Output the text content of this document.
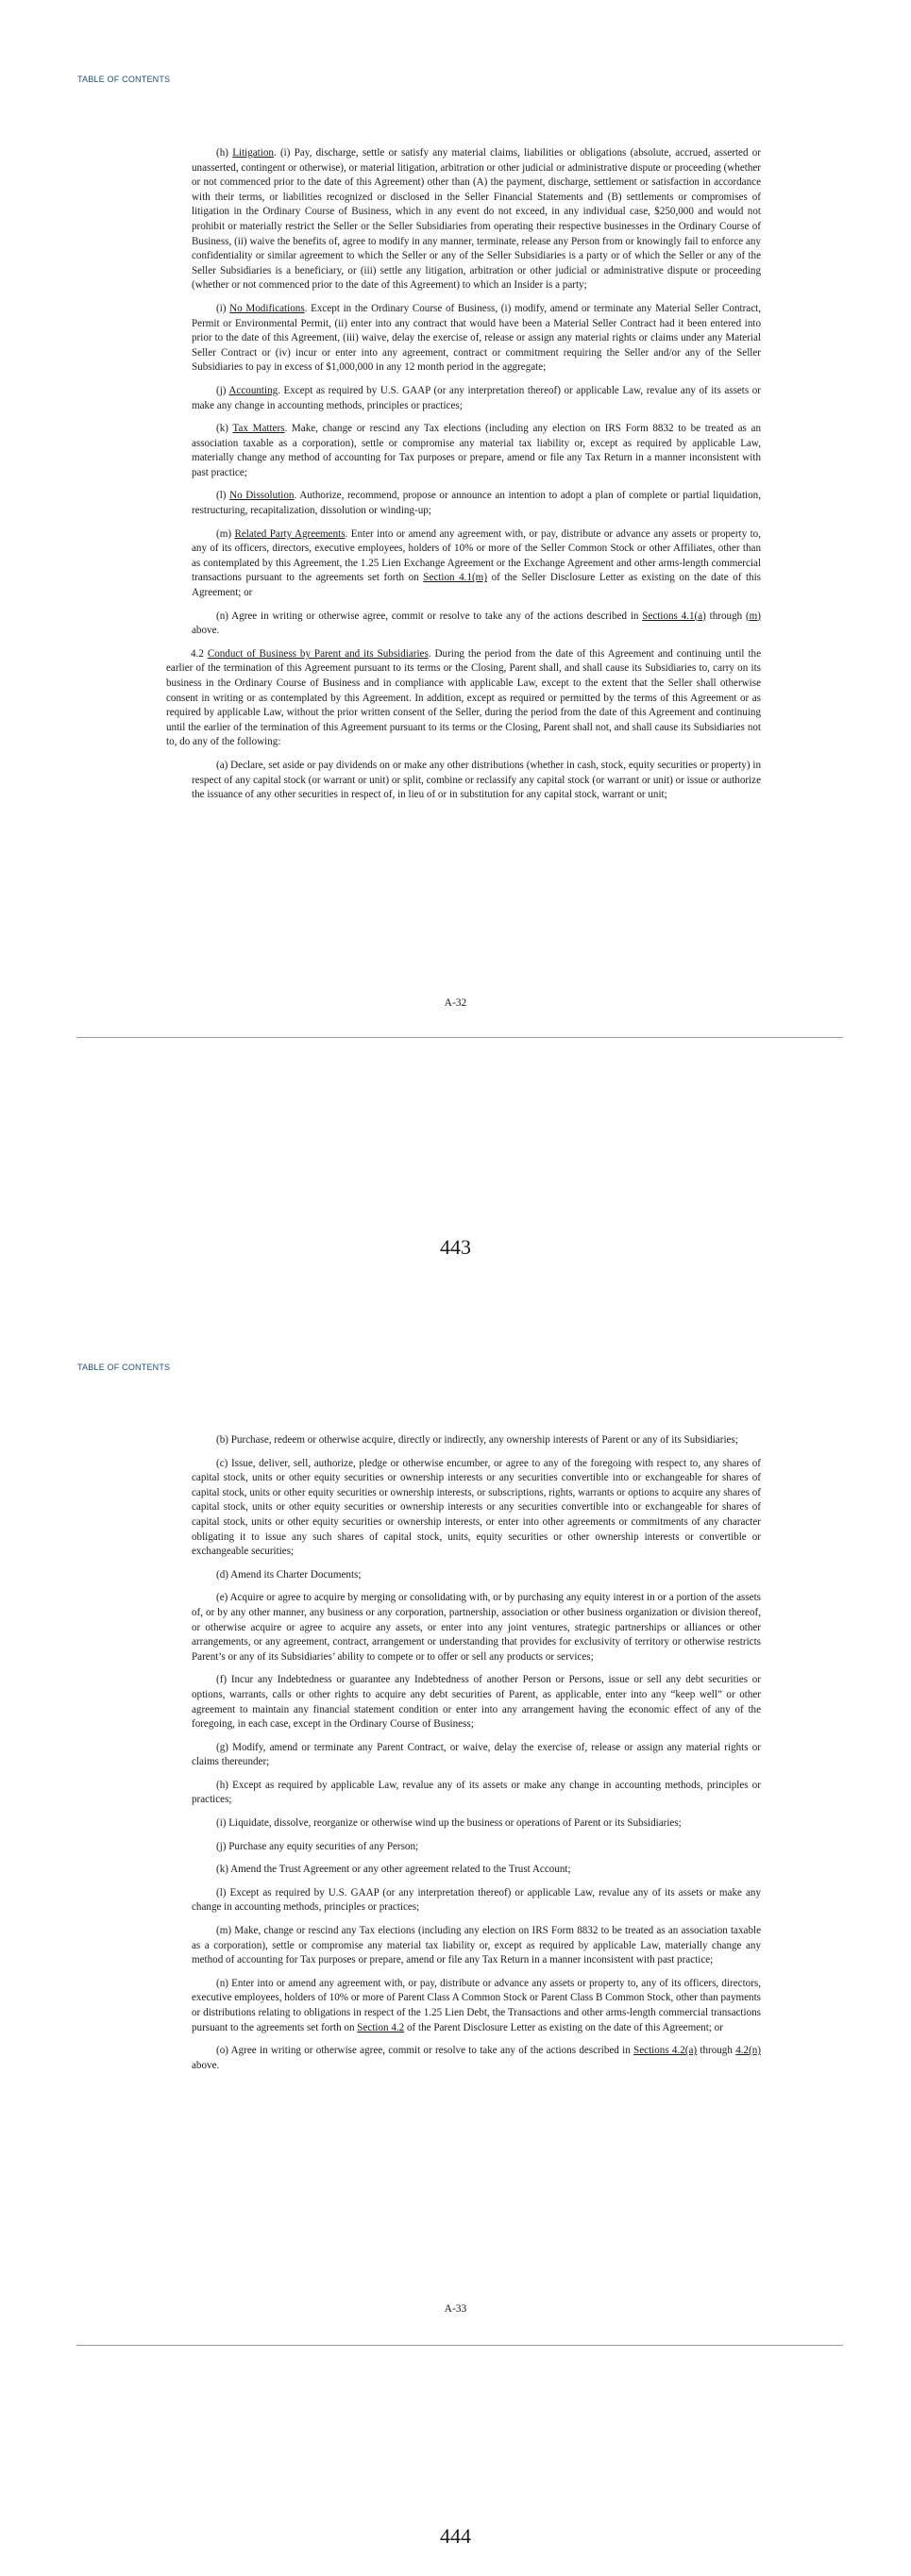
TABLE OF CONTENTS

(h) Litigation. (i) Pay, discharge, settle or satisfy any material claims, liabilities or obligations (absolute, accrued, asserted or unasserted, contingent or otherwise), or material litigation, arbitration or other judicial or administrative dispute or proceeding (whether or not commenced prior to the date of this Agreement) other than (A) the payment, discharge, settlement or satisfaction in accordance with their terms, or liabilities recognized or disclosed in the Seller Financial Statements and (B) settlements or compromises of litigation in the Ordinary Course of Business, which in any event do not exceed, in any individual case, $250,000 and would not prohibit or materially restrict the Seller or the Seller Subsidiaries from operating their respective businesses in the Ordinary Course of Business, (ii) waive the benefits of, agree to modify in any manner, terminate, release any Person from or knowingly fail to enforce any confidentiality or similar agreement to which the Seller or any of the Seller Subsidiaries is a party or of which the Seller or any of the Seller Subsidiaries is a beneficiary, or (iii) settle any litigation, arbitration or other judicial or administrative dispute or proceeding (whether or not commenced prior to the date of this Agreement) to which an Insider is a party;

(i) No Modifications. Except in the Ordinary Course of Business, (i) modify, amend or terminate any Material Seller Contract, Permit or Environmental Permit, (ii) enter into any contract that would have been a Material Seller Contract had it been entered into prior to the date of this Agreement, (iii) waive, delay the exercise of, release or assign any material rights or claims under any Material Seller Contract or (iv) incur or enter into any agreement, contract or commitment requiring the Seller and/or any of the Seller Subsidiaries to pay in excess of $1,000,000 in any 12 month period in the aggregate;

(j) Accounting. Except as required by U.S. GAAP (or any interpretation thereof) or applicable Law, revalue any of its assets or make any change in accounting methods, principles or practices;

(k) Tax Matters. Make, change or rescind any Tax elections (including any election on IRS Form 8832 to be treated as an association taxable as a corporation), settle or compromise any material tax liability or, except as required by applicable Law, materially change any method of accounting for Tax purposes or prepare, amend or file any Tax Return in a manner inconsistent with past practice;

(l) No Dissolution. Authorize, recommend, propose or announce an intention to adopt a plan of complete or partial liquidation, restructuring, recapitalization, dissolution or winding-up;

(m) Related Party Agreements. Enter into or amend any agreement with, or pay, distribute or advance any assets or property to, any of its officers, directors, executive employees, holders of 10% or more of the Seller Common Stock or other Affiliates, other than as contemplated by this Agreement, the 1.25 Lien Exchange Agreement or the Exchange Agreement and other arms-length commercial transactions pursuant to the agreements set forth on Section 4.1(m) of the Seller Disclosure Letter as existing on the date of this Agreement; or

(n) Agree in writing or otherwise agree, commit or resolve to take any of the actions described in Sections 4.1(a) through (m) above.

4.2 Conduct of Business by Parent and its Subsidiaries. During the period from the date of this Agreement and continuing until the earlier of the termination of this Agreement pursuant to its terms or the Closing, Parent shall, and shall cause its Subsidiaries to, carry on its business in the Ordinary Course of Business and in compliance with applicable Law, except to the extent that the Seller shall otherwise consent in writing or as contemplated by this Agreement. In addition, except as required or permitted by the terms of this Agreement or as required by applicable Law, without the prior written consent of the Seller, during the period from the date of this Agreement and continuing until the earlier of the termination of this Agreement pursuant to its terms or the Closing, Parent shall not, and shall cause its Subsidiaries not to, do any of the following:

(a) Declare, set aside or pay dividends on or make any other distributions (whether in cash, stock, equity securities or property) in respect of any capital stock (or warrant or unit) or split, combine or reclassify any capital stock (or warrant or unit) or issue or authorize the issuance of any other securities in respect of, in lieu of or in substitution for any capital stock, warrant or unit;

A-32
443
TABLE OF CONTENTS

(b) Purchase, redeem or otherwise acquire, directly or indirectly, any ownership interests of Parent or any of its Subsidiaries;

(c) Issue, deliver, sell, authorize, pledge or otherwise encumber, or agree to any of the foregoing with respect to, any shares of capital stock, units or other equity securities or ownership interests or any securities convertible into or exchangeable for shares of capital stock, units or other equity securities or ownership interests, or subscriptions, rights, warrants or options to acquire any shares of capital stock, units or other equity securities or ownership interests or any securities convertible into or exchangeable for shares of capital stock, units or other equity securities or ownership interests, or enter into other agreements or commitments of any character obligating it to issue any such shares of capital stock, units, equity securities or other ownership interests or convertible or exchangeable securities;

(d) Amend its Charter Documents;

(e) Acquire or agree to acquire by merging or consolidating with, or by purchasing any equity interest in or a portion of the assets of, or by any other manner, any business or any corporation, partnership, association or other business organization or division thereof, or otherwise acquire or agree to acquire any assets, or enter into any joint ventures, strategic partnerships or alliances or other arrangements, or any agreement, contract, arrangement or understanding that provides for exclusivity of territory or otherwise restricts Parent’s or any of its Subsidiaries’ ability to compete or to offer or sell any products or services;

(f) Incur any Indebtedness or guarantee any Indebtedness of another Person or Persons, issue or sell any debt securities or options, warrants, calls or other rights to acquire any debt securities of Parent, as applicable, enter into any “keep well” or other agreement to maintain any financial statement condition or enter into any arrangement having the economic effect of any of the foregoing, in each case, except in the Ordinary Course of Business;

(g) Modify, amend or terminate any Parent Contract, or waive, delay the exercise of, release or assign any material rights or claims thereunder;

(h) Except as required by applicable Law, revalue any of its assets or make any change in accounting methods, principles or practices;

(i) Liquidate, dissolve, reorganize or otherwise wind up the business or operations of Parent or its Subsidiaries;

(j) Purchase any equity securities of any Person;

(k) Amend the Trust Agreement or any other agreement related to the Trust Account;

(l) Except as required by U.S. GAAP (or any interpretation thereof) or applicable Law, revalue any of its assets or make any change in accounting methods, principles or practices;

(m) Make, change or rescind any Tax elections (including any election on IRS Form 8832 to be treated as an association taxable as a corporation), settle or compromise any material tax liability or, except as required by applicable Law, materially change any method of accounting for Tax purposes or prepare, amend or file any Tax Return in a manner inconsistent with past practice;

(n) Enter into or amend any agreement with, or pay, distribute or advance any assets or property to, any of its officers, directors, executive employees, holders of 10% or more of Parent Class A Common Stock or Parent Class B Common Stock, other than payments or distributions relating to obligations in respect of the 1.25 Lien Debt, the Transactions and other arms-length commercial transactions pursuant to the agreements set forth on Section 4.2 of the Parent Disclosure Letter as existing on the date of this Agreement; or

(o) Agree in writing or otherwise agree, commit or resolve to take any of the actions described in Sections 4.2(a) through 4.2(n) above.

A-33
444
